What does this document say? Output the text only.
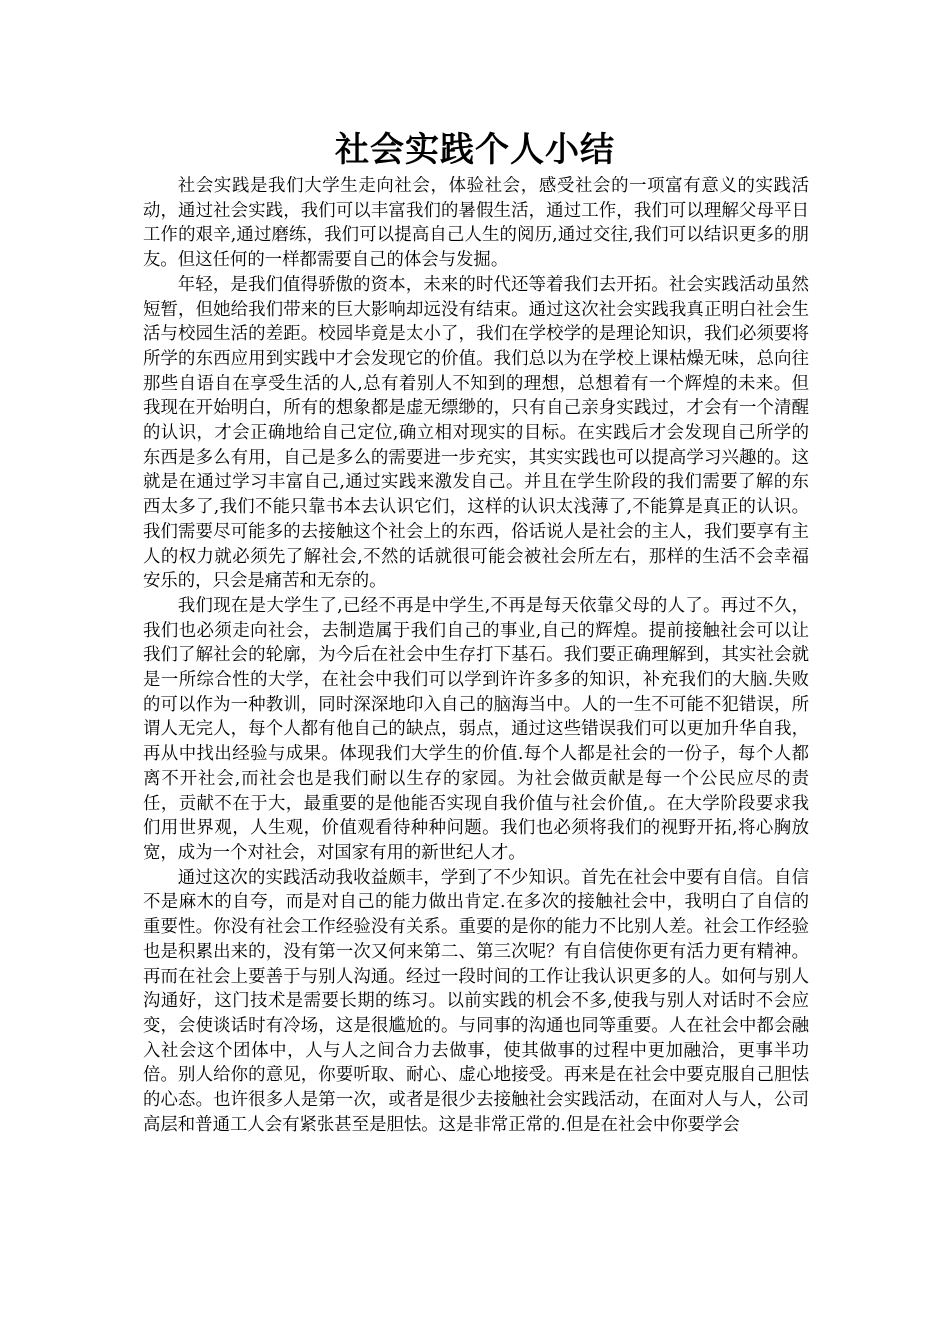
社会实践个人小结

社会实践是我们大学生走向社会，体验社会，感受社会的一项富有意义的实践活动，通过社会实践，我们可以丰富我们的暑假生活，通过工作，我们可以理解父母平日工作的艰辛,通过磨练，我们可以提高自己人生的阅历,通过交往,我们可以结识更多的朋友。但这任何的一样都需要自己的体会与发掘。

年轻，是我们值得骄傲的资本，未来的时代还等着我们去开拓。社会实践活动虽然短暂，但她给我们带来的巨大影响却远没有结束。通过这次社会实践我真正明白社会生活与校园生活的差距。校园毕竟是太小了，我们在学校学的是理论知识，我们必须要将所学的东西应用到实践中才会发现它的价值。我们总以为在学校上课枯燥无味，总向往那些自语自在享受生活的人,总有着别人不知到的理想，总想着有一个辉煌的未来。但我现在开始明白，所有的想象都是虚无缥缈的，只有自己亲身实践过，才会有一个清醒的认识，才会正确地给自己定位,确立相对现实的目标。在实践后才会发现自己所学的东西是多么有用，自己是多么的需要进一步充实，其实实践也可以提高学习兴趣的。这就是在通过学习丰富自己,通过实践来激发自己。并且在学生阶段的我们需要了解的东西太多了,我们不能只靠书本去认识它们，这样的认识太浅薄了,不能算是真正的认识。我们需要尽可能多的去接触这个社会上的东西，俗话说人是社会的主人，我们要享有主人的权力就必须先了解社会,不然的话就很可能会被社会所左右，那样的生活不会幸福安乐的，只会是痛苦和无奈的。

我们现在是大学生了,已经不再是中学生,不再是每天依靠父母的人了。再过不久，我们也必须走向社会，去制造属于我们自己的事业,自己的辉煌。提前接触社会可以让我们了解社会的轮廓，为今后在社会中生存打下基石。我们要正确理解到，其实社会就是一所综合性的大学，在社会中我们可以学到许许多多的知识，补充我们的大脑.失败的可以作为一种教训，同时深深地印入自己的脑海当中。人的一生不可能不犯错误，所谓人无完人，每个人都有他自己的缺点，弱点，通过这些错误我们可以更加升华自我，再从中找出经验与成果。体现我们大学生的价值.每个人都是社会的一份子，每个人都离不开社会,而社会也是我们耐以生存的家园。为社会做贡献是每一个公民应尽的责任，贡献不在于大，最重要的是他能否实现自我价值与社会价值,。在大学阶段要求我们用世界观，人生观，价值观看待种种问题。我们也必须将我们的视野开拓,将心胸放宽，成为一个对社会，对国家有用的新世纪人才。

通过这次的实践活动我收益颇丰，学到了不少知识。首先在社会中要有自信。自信不是麻木的自夸，而是对自己的能力做出肯定.在多次的接触社会中，我明白了自信的重要性。你没有社会工作经验没有关系。重要的是你的能力不比别人差。社会工作经验也是积累出来的，没有第一次又何来第二、第三次呢？有自信使你更有活力更有精神。再而在社会上要善于与别人沟通。经过一段时间的工作让我认识更多的人。如何与别人沟通好，这门技术是需要长期的练习。以前实践的机会不多,使我与别人对话时不会应变，会使谈话时有冷场，这是很尴尬的。与同事的沟通也同等重要。人在社会中都会融入社会这个团体中，人与人之间合力去做事，使其做事的过程中更加融洽，更事半功倍。别人给你的意见，你要听取、耐心、虚心地接受。再来是在社会中要克服自己胆怯的心态。也许很多人是第一次，或者是很少去接触社会实践活动，在面对人与人，公司高层和普通工人会有紧张甚至是胆怯。这是非常正常的.但是在社会中你要学会
